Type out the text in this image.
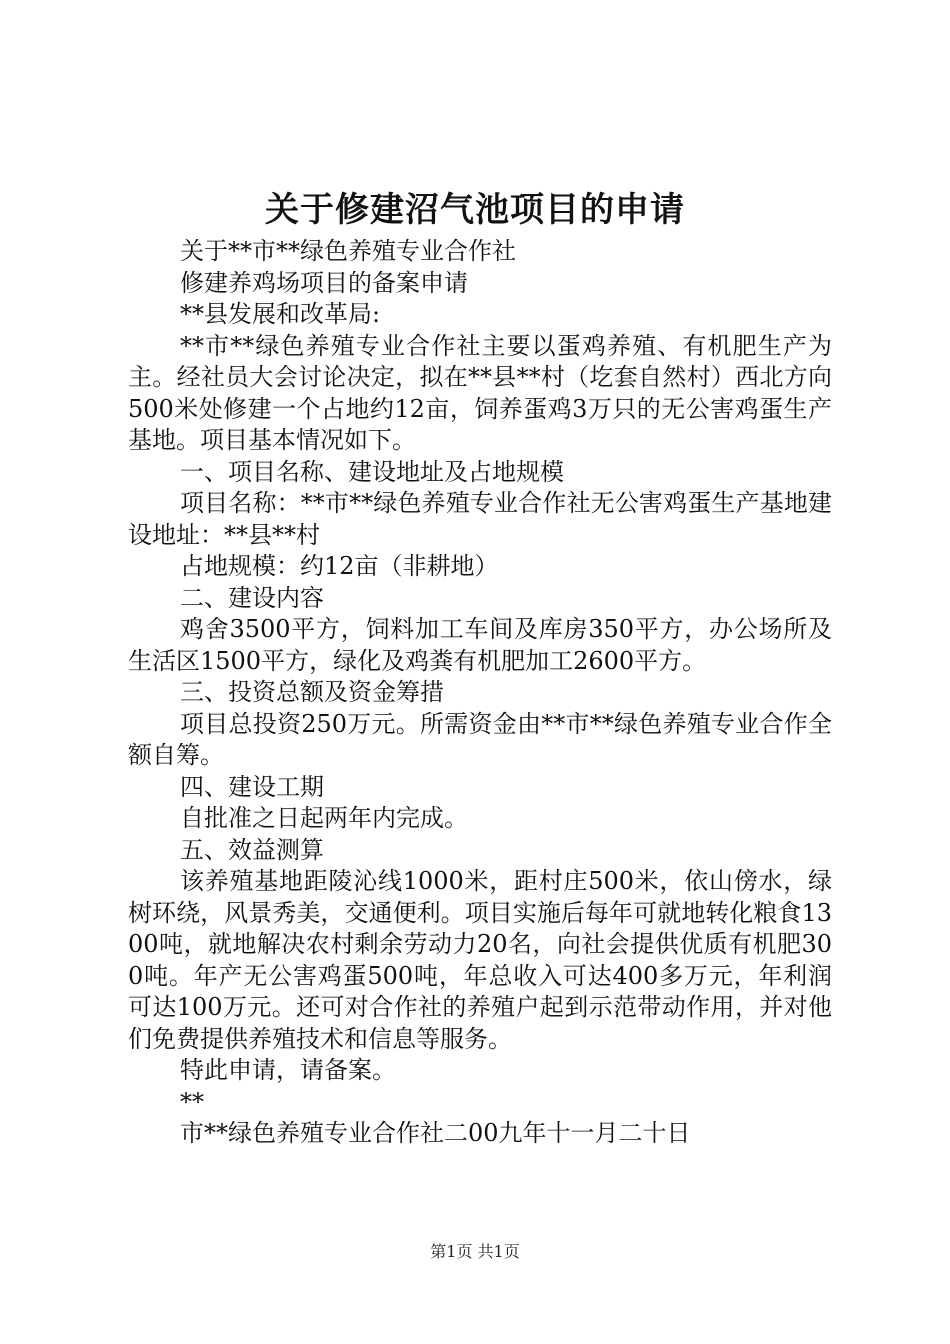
关于修建沼气池项目的申请

关于**市**绿色养殖专业合作社

修建养鸡场项目的备案申请

**县发展和改革局:

**市**绿色养殖专业合作社主要以蛋鸡养殖、有机肥生产为主。经社员大会讨论决定，拟在**县**村（圪套自然村）西北方向500米处修建一个占地约12亩，饲养蛋鸡3万只的无公害鸡蛋生产基地。项目基本情况如下。

一、项目名称、建设地址及占地规模

项目名称：**市**绿色养殖专业合作社无公害鸡蛋生产基地建设地址：**县**村

占地规模：约12亩（非耕地）

二、建设内容

鸡舍3500平方，饲料加工车间及库房350平方，办公场所及生活区1500平方，绿化及鸡粪有机肥加工2600平方。

三、投资总额及资金筹措

项目总投资250万元。所需资金由**市**绿色养殖专业合作全额自筹。

四、建设工期

自批准之日起两年内完成。

五、效益测算

该养殖基地距陵沁线1000米，距村庄500米，依山傍水，绿树环绕，风景秀美，交通便利。项目实施后每年可就地转化粮食1300吨，就地解决农村剩余劳动力20名，向社会提供优质有机肥300吨。年产无公害鸡蛋500吨，年总收入可达400多万元，年利润可达100万元。还可对合作社的养殖户起到示范带动作用，并对他们免费提供养殖技术和信息等服务。

特此申请，请备案。

**

市**绿色养殖专业合作社二00九年十一月二十日

第1页 共1页
